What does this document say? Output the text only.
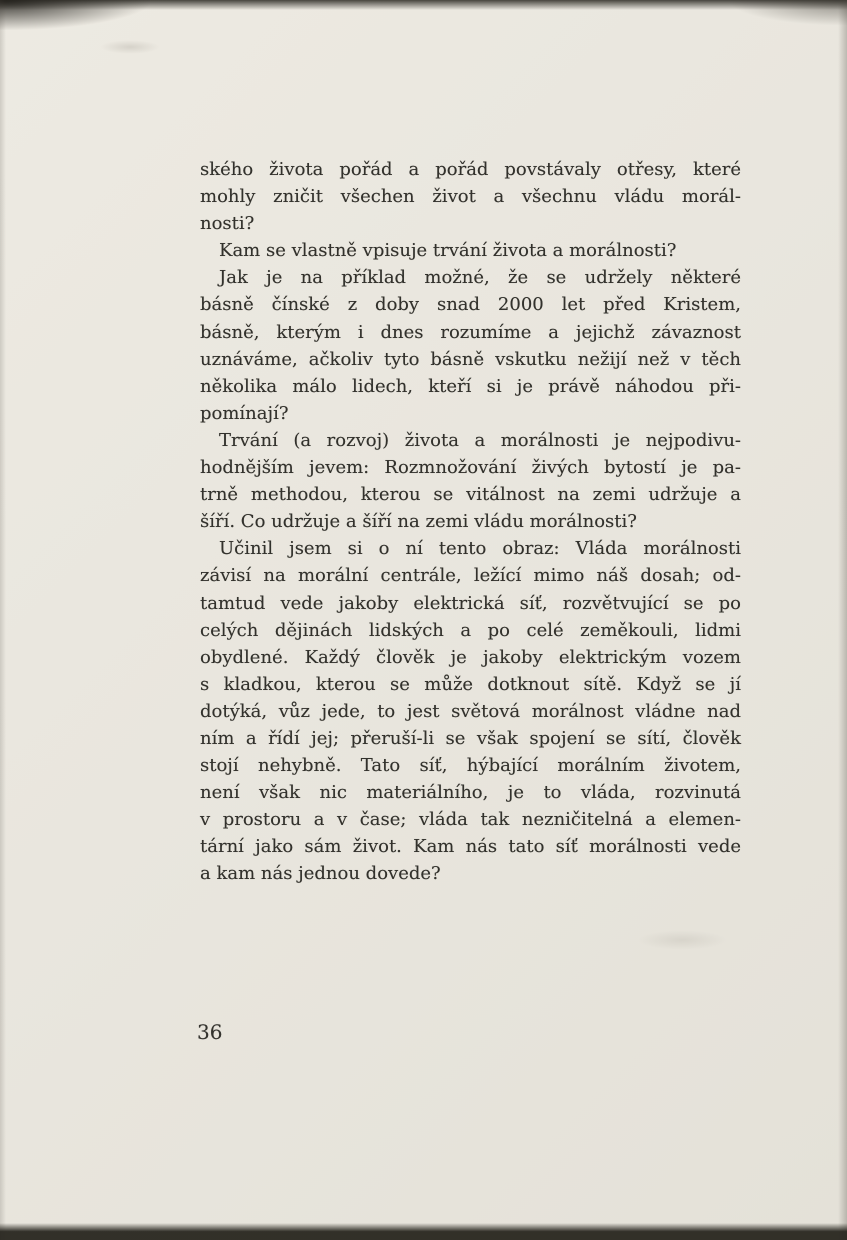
ského života pořád a pořád povstávaly otřesy, které
mohly zničit všechen život a všechnu vládu morál-
nosti?
Kam se vlastně vpisuje trvání života a morálnosti?
Jak je na příklad možné, že se udržely některé
básně čínské z doby snad 2000 let před Kristem,
básně, kterým i dnes rozumíme a jejichž závaznost
uznáváme, ačkoliv tyto básně vskutku nežijí než v těch
několika málo lidech, kteří si je právě náhodou při-
pomínají?
Trvání (a rozvoj) života a morálnosti je nejpodivu-
hodnějším jevem: Rozmnožování živých bytostí je pa-
trně methodou, kterou se vitálnost na zemi udržuje a
šíří. Co udržuje a šíří na zemi vládu morálnosti?
Učinil jsem si o ní tento obraz: Vláda morálnosti
závisí na morální centrále, ležící mimo náš dosah; od-
tamtud vede jakoby elektrická síť, rozvětvující se po
celých dějinách lidských a po celé zeměkouli, lidmi
obydlené. Každý člověk je jakoby elektrickým vozem
s kladkou, kterou se může dotknout sítě. Když se jí
dotýká, vůz jede, to jest světová morálnost vládne nad
ním a řídí jej; přeruší-li se však spojení se sítí, člověk
stojí nehybně. Tato síť, hýbající morálním životem,
není však nic materiálního, je to vláda, rozvinutá
v prostoru a v čase; vláda tak nezničitelná a elemen-
tární jako sám život. Kam nás tato síť morálnosti vede
a kam nás jednou dovede?
36
